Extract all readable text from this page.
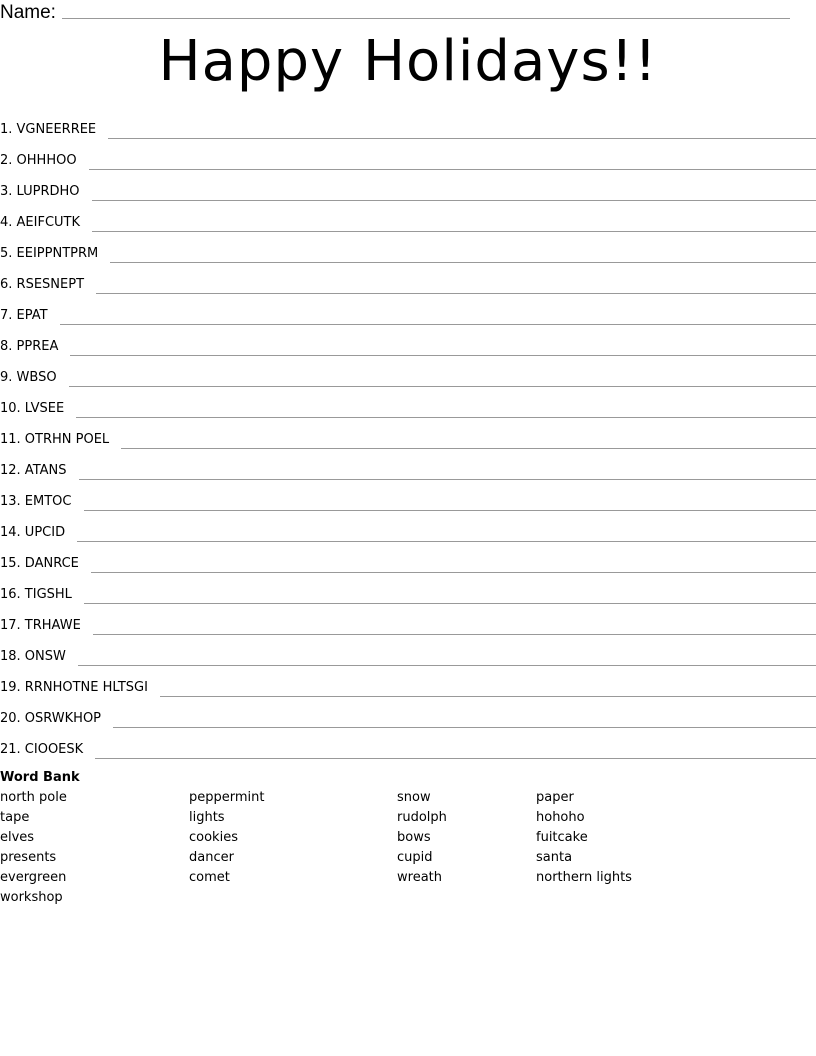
Name:
Happy Holidays!!
1. VGNEERREE
2. OHHHOO
3. LUPRDHO
4. AEIFCUTK
5. EEIPPNTPRM
6. RSESNEPT
7. EPAT
8. PPREA
9. WBSO
10. LVSEE
11. OTRHN POEL
12. ATANS
13. EMTOC
14. UPCID
15. DANRCE
16. TIGSHL
17. TRHAWE
18. ONSW
19. RRNHOTNE HLTSGI
20. OSRWKHOP
21. CIOOESK
Word Bank
north pole
tape
elves
presents
evergreen
workshop
peppermint
lights
cookies
dancer
comet
snow
rudolph
bows
cupid
wreath
paper
hohoho
fuitcake
santa
northern lights
